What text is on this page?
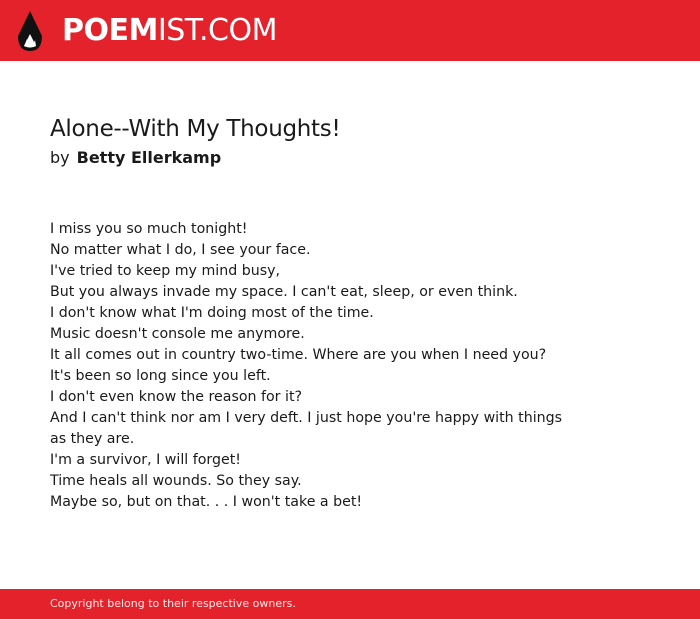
POEMIST.COM
Alone--With My Thoughts!
by Betty Ellerkamp
I miss you so much tonight!
No matter what I do, I see your face.
I've tried to keep my mind busy,
But you always invade my space. I can't eat, sleep, or even think.
I don't know what I'm doing most of the time.
Music doesn't console me anymore.
It all comes out in country two-time. Where are you when I need you?
It's been so long since you left.
I don't even know the reason for it?
And I can't think nor am I very deft. I just hope you're happy with things
as they are.
I'm a survivor, I will forget!
Time heals all wounds. So they say.
Maybe so, but on that. . . I won't take a bet!
Copyright belong to their respective owners.
